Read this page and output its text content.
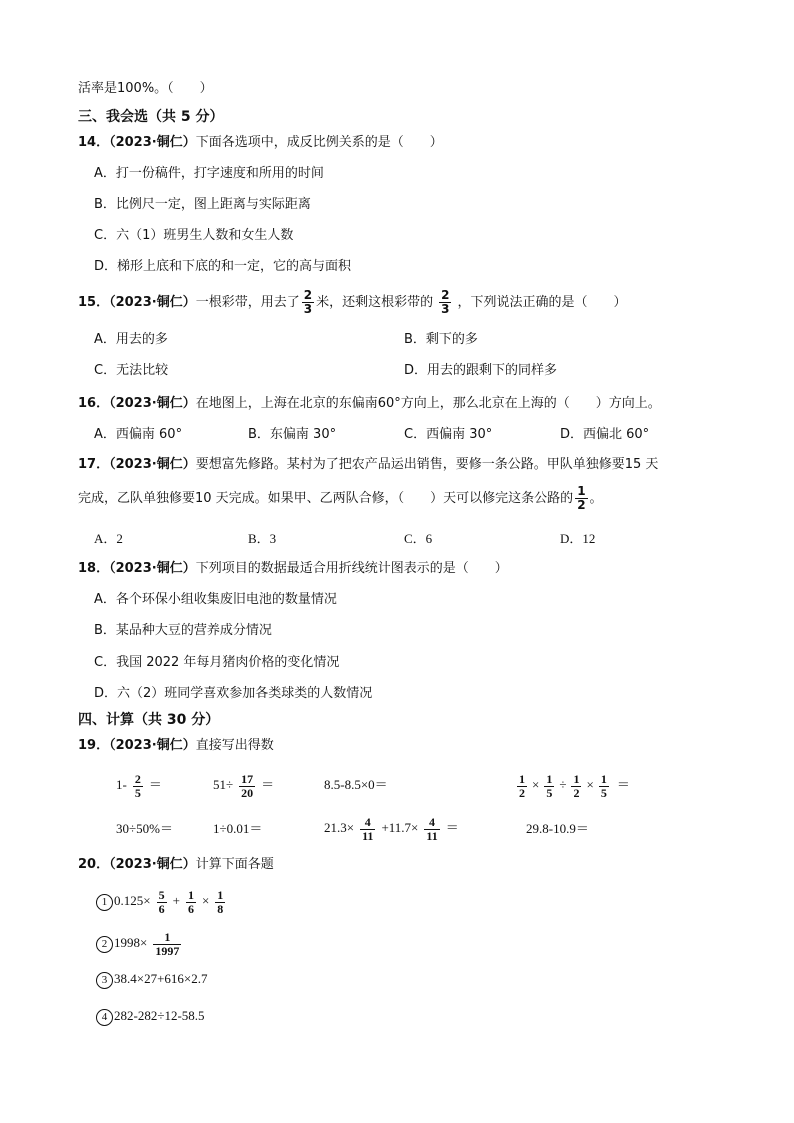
活率是100%。（　　）
三、我会选（共 5 分）
14．（2023·铜仁）下面各选项中，成反比例关系的是（　　）
A．打一份稿件，打字速度和所用的时间
B．比例尺一定，图上距离与实际距离
C．六（1）班男生人数和女生人数
D．梯形上底和下底的和一定，它的高与面积
15．（2023·铜仁）一根彩带，用去了 $\frac{2}{3}$ 米，还剩这根彩带的 $\frac{2}{3}$ ，下列说法正确的是（　　）
A．用去的多	B．剩下的多
C．无法比较	D．用去的跟剩下的同样多
16．（2023·铜仁）在地图上，上海在北京的东偏南60°方向上，那么北京在上海的（　　）方向上。
A．西偏南 60°	B．东偏南 30°	C．西偏南 30°	D．西偏北 60°
17．（2023·铜仁）要想富先修路。某村为了把农产品运出销售，要修一条公路。甲队单独修要15 天
完成，乙队单独修要10 天完成。如果甲、乙两队合修，（　　）天可以修完这条公路的 $\frac{1}{2}$ 。
A．2	B．3	C．6	D．12
18．（2023·铜仁）下列项目的数据最适合用折线统计图表示的是（　　）
A．各个环保小组收集废旧电池的数量情况
B．某品种大豆的营养成分情况
C．我国 2022 年每月猪肉价格的变化情况
D．六（2）班同学喜欢参加各类球类的人数情况
四、计算（共 30 分）
19．（2023·铜仁）直接写出得数
$1- \frac{2}{5}$ ＝	$51\div \frac{17}{20}$ ＝	8.5-8.5×0＝	$\frac{1}{2} \times \frac{1}{5} \div \frac{1}{2} \times \frac{1}{5}$ ＝
30÷50%＝	1÷0.01＝	$21.3\times \frac{4}{11} +11.7\times \frac{4}{11}$ ＝	29.8-10.9＝
20．（2023·铜仁）计算下面各题
1 $0.125\times \frac{5}{6} + \frac{1}{6} \times \frac{1}{8}$
2 $1998\times \frac{1}{1997}$
3 38.4×27+616×2.7
4 282-282÷12-58.5
